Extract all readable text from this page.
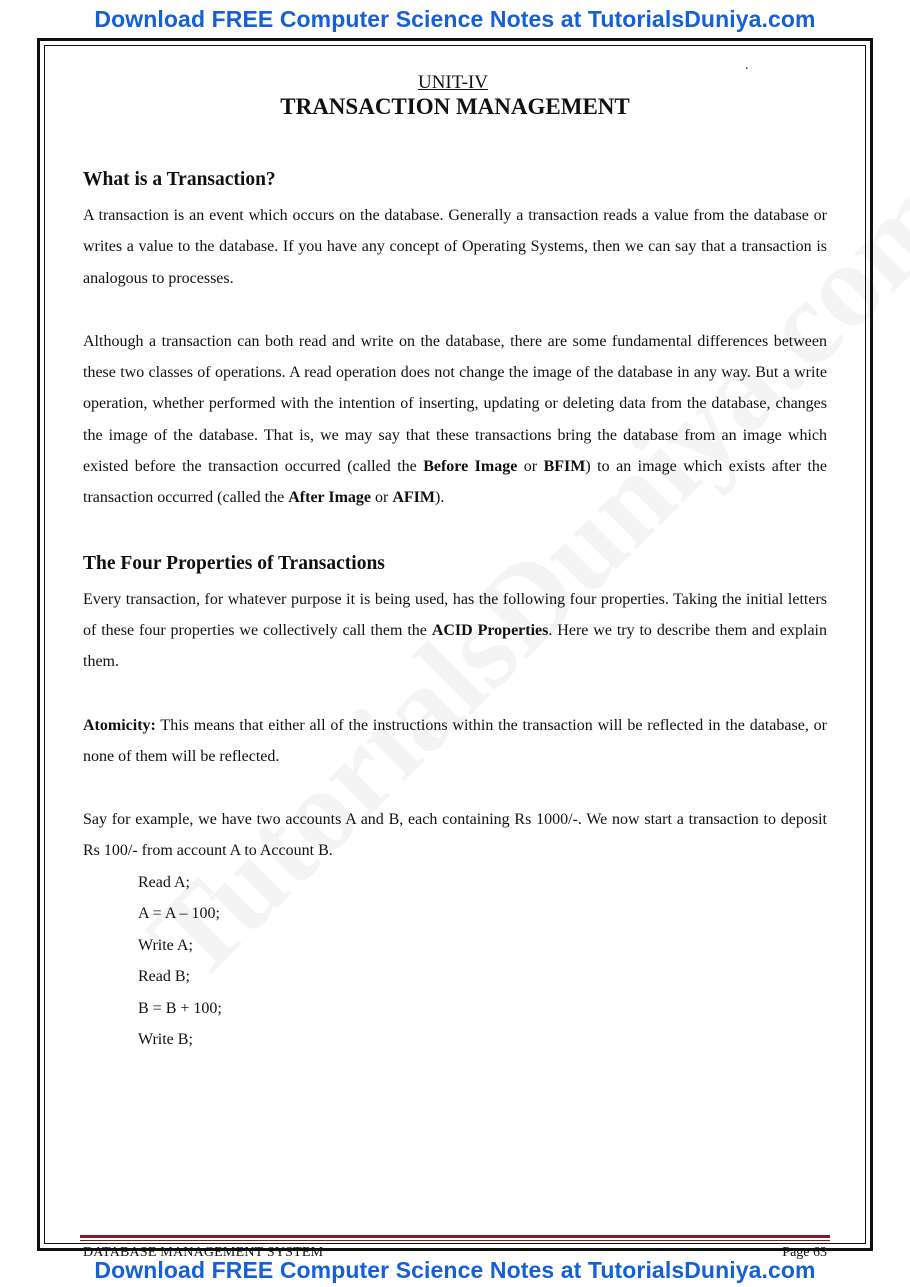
Download FREE Computer Science Notes at TutorialsDuniya.com
.
UNIT-IV
TRANSACTION MANAGEMENT
What is a Transaction?

A transaction is an event which occurs on the database. Generally a transaction reads a value from the database or writes a value to the database. If you have any concept of Operating Systems, then we can say that a transaction is analogous to processes.

Although a transaction can both read and write on the database, there are some fundamental differences between these two classes of operations. A read operation does not change the image of the database in any way. But a write operation, whether performed with the intention of inserting, updating or deleting data from the database, changes the image of the database. That is, we may say that these transactions bring the database from an image which existed before the transaction occurred (called the Before Image or BFIM) to an image which exists after the transaction occurred (called the After Image or AFIM).

The Four Properties of Transactions

Every transaction, for whatever purpose it is being used, has the following four properties. Taking the initial letters of these four properties we collectively call them the ACID Properties. Here we try to describe them and explain them.

Atomicity: This means that either all of the instructions within the transaction will be reflected in the database, or none of them will be reflected.

Say for example, we have two accounts A and B, each containing Rs 1000/-. We now start a transaction to deposit Rs 100/- from account A to Account B.

Read A;

A = A – 100;

Write A;

Read B;

B = B + 100;

Write B;

DATABASE MANAGEMENT SYSTEM	Page 63
Download FREE Computer Science Notes at TutorialsDuniya.com
